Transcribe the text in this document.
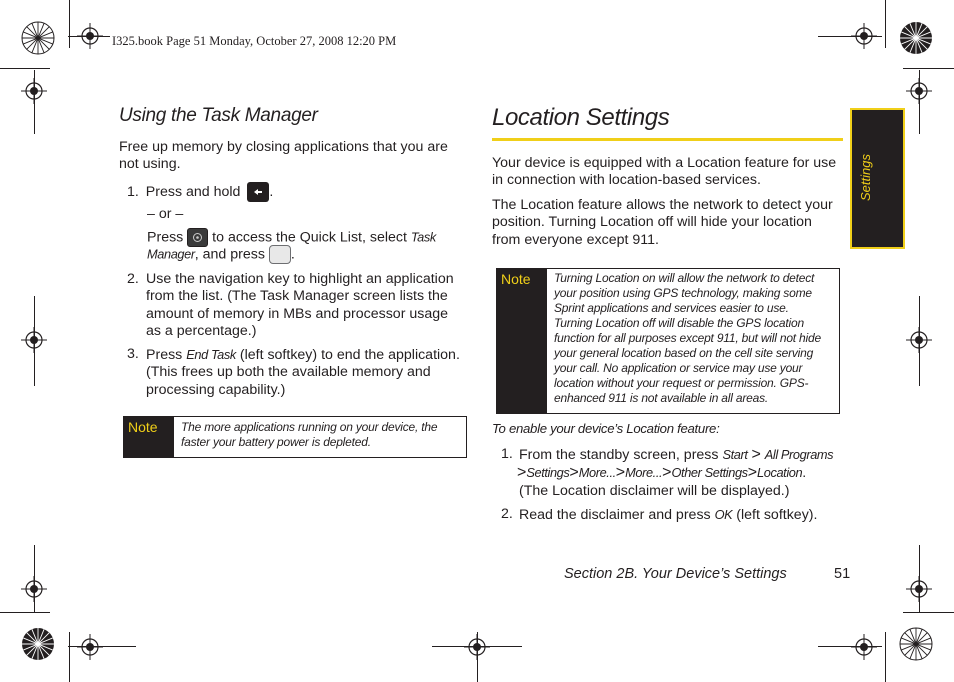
I325.book Page 51 Monday, October 27, 2008 12:20 PM
Using the Task Manager
Free up memory by closing applications that you are not using.
1. Press and hold .
– or –
Press to access the Quick List, select Task
Manager, and press .
2. Use the navigation key to highlight an application
from the list. (The Task Manager screen lists the
amount of memory in MBs and processor usage
as a percentage.)
3. Press End Task (left softkey) to end the application.
(This frees up both the available memory and
processing capability.)
Note The more applications running on your device, the
faster your battery power is depleted.
Location Settings
Your device is equipped with a Location feature for use
in connection with location-based services.
The Location feature allows the network to detect your
position. Turning Location off will hide your location
from everyone except 911.
Note Turning Location on will allow the network to detect
your position using GPS technology, making some
Sprint applications and services easier to use.
Turning Location off will disable the GPS location
function for all purposes except 911, but will not hide
your general location based on the cell site serving
your call. No application or service may use your
location without your request or permission. GPS-
enhanced 911 is not available in all areas.
To enable your device’s Location feature:
1. From the standby screen, press Start > All Programs
>Settings>More...>More...>Other Settings>Location.
(The Location disclaimer will be displayed.)
2. Read the disclaimer and press OK (left softkey).
Settings
Section 2B. Your Device’s Settings	51
